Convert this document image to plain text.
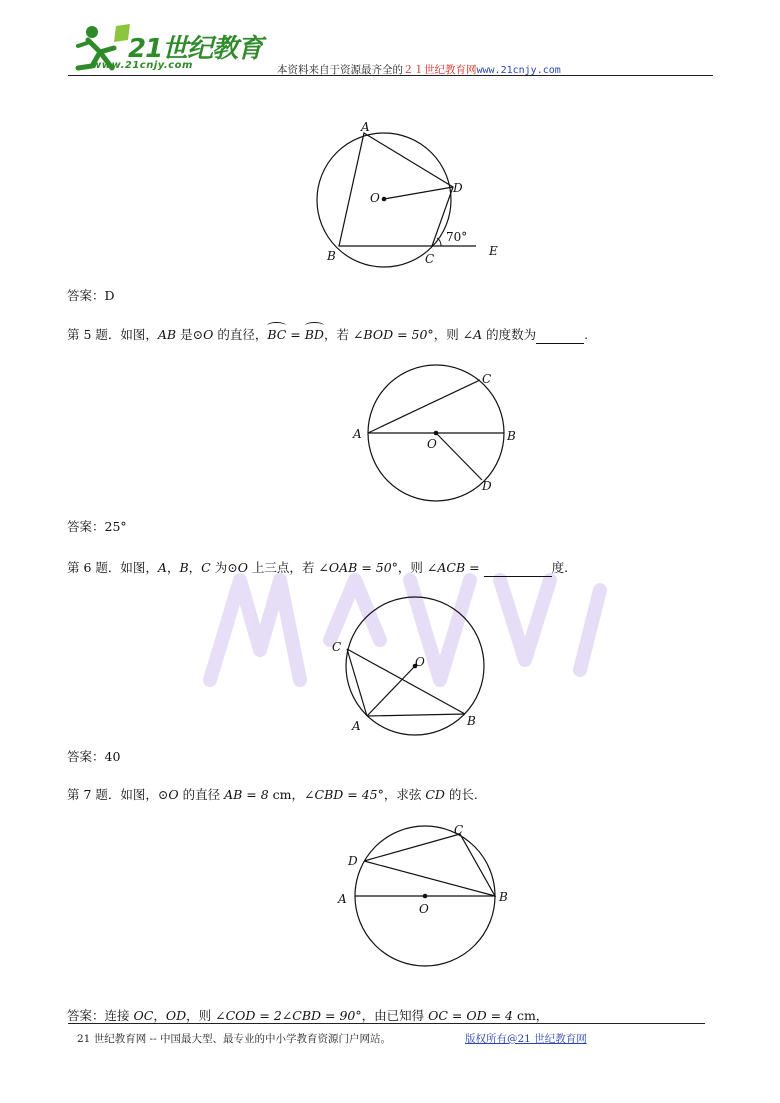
21世纪教育
www.21cnjy.com	本资料来自于资源最齐全的２１世纪教育网www.21cnjy.com
A
D
O
B	C
E
70°
答案：D
第 5 题．如图，AB 是⊙O 的直径，BC = BD，若 ∠BOD = 50°，则 ∠A 的度数为	.
A	B
C
D
O
答案：25°
第 6 题．如图，A，B，C 为⊙O 上三点，若 ∠OAB = 50°，则 ∠ACB =	度.
C
O
A	B
答案：40
第 7 题．如图，⊙O 的直径 AB = 8 cm，∠CBD = 45°，求弦 CD 的长.
D
C
A	B
O
答案：连接 OC，OD，则 ∠COD = 2∠CBD = 90°，由已知得 OC = OD = 4 cm，
21 世纪教育网 -- 中国最大型、最专业的中小学教育资源门户网站。	版权所有@21 世纪教育网
